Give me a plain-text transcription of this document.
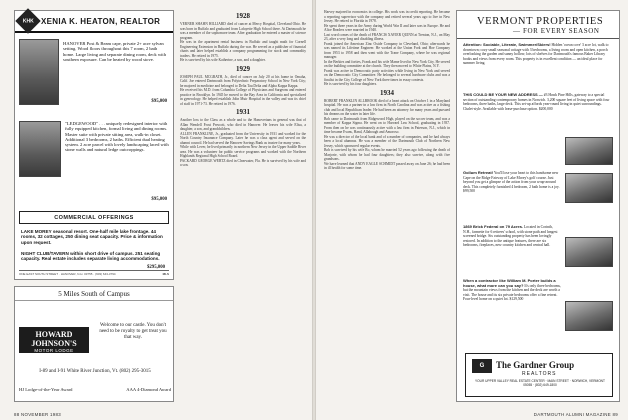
KHK XENIA K. HEATON, REALTOR
HANOVER Post & Beam cape, private 2+ acre sylvan setting. Wood floors throughout this 7 room, 2 bath home. Large living and separate dining room, deck with southern exposure. Can be heated by wood stove.
$95,000
"LEDGEWOOD" . . . uniquely redesigned interior with fully equipped kitchen, formal living and dining rooms. Master suite with private sitting area, walk-in closet. Additional 3 bedrooms, 2 baths. Efficient dual heating system. 2 acre parcel with lovely landscaping laced with stone walls and natural ledge outcroppings.
$95,000
COMMERCIAL OFFERINGS
LAKE MOREY seasonal resort. One-half mile lake frontage. 44 rooms, 32 cottages, 250 dining seat capacity. Price & information upon request.
NIGHT CLUB/TAVERN within short drive of campus. 251 seating capacity. Real estate includes separate living accommodations.
$295,000
ONE EAST SOUTH STREET · HANOVER, N.H. 03755 · (603) 643-3794	MLS
5 Miles South of Campus
HOWARD JOHNSON'S
MOTOR LODGE
Welcome to our castle. You don't need to be royalty to get treat you that way.
I-89 and I-91 White River Junction, Vt. (802) 295-3015
HJ Lodge-of-the-Year Award	AAA 4-Diamond Award
1928

VERNER SHAHN HILLIARD died of cancer at Mercy Hospital, Cleveland Ohio. He was born in Buffalo and graduated from Lafayette High School there. At Dartmouth he was a member of the sophomore team. After graduation he entered a master of science program.

He was in the apartment rental business in Buffalo and taught math for Cornell Engineering Extension in Buffalo during the war. He served as a publisher of financial charts and later helped establish a company programming for stock and commodity traders. He retired in 1975.

He is survived by his wife Katherine, a son, and a daughter.

1929

JOSEPH PAUL MCGRATH, Jr., died of cancer on July 20 at his home in Omaha, Calif. Joe entered Dartmouth from Polytechnic Preparatory School in New York City; he majored in medicine and belonged to Delta Tau Delta and Alpha Kappa Kappa.

He received his M.D. from Columbia College of Physicians and Surgeons and entered practice in Brooklyn. In 1945 he moved to the Bay Area in California and specialized in gynecology. He helped establish Jolin Muir Hospital in the valley and was its chief of staff in 1971-73. He retired in 1976.

1931

Another loss to the Class as a whole and to the Hanoverians in general was that of Allan Wendell Frost Prescott, who died in Hanover. He leaves his wife Elisa, a daughter, a son, and grandchildren.

ALLEN FRANKLINE, Jr., graduated from the University in 1931 and worked for the North Country Insurance Company. Later he was a class agent and served on the alumni council. He had served the Hanover Savings Bank as trustee for many years.

While with Lever, he lived primarily in northern New Jersey in the Upper Saddle River area. He was a volunteer for public service programs and worked with the Northern Highlands Regional High School Board.

PACKARD GEORGE WERTZ died in Clearwater, Fla. He is survived by his wife and a son.

88 NOVEMBER 1983

Harvey majored in economics in college. His work was in credit reporting. He became a reporting supervisor with the company and retired several years ago to live in New Jersey. He retired to Florida in 1978.

He spent three years in the Army during World War II and later was in Europe. He and Alice Beaders were married in 1940.

Last word comes of the death of FRANCIS XAVIER QUINN at Trenton, N.J., on May 23, after a very long and disabling illness.

Frank joined the American Zinc Oxide Company in Cleveland, Ohio; afterwards he was named its Lifetime Engineer. He worked at the Union Fork and Hoe Company from 1953 to 1958 and then went with the Trane Company, where he was regional manager.

In the Berkies and forties, Frank and his wife Mame lived in New York City. He served on the building committee at the church. They then moved to White Plains, N.Y.

Frank was active in Democratic party activities while living in New York and served on the Democratic City Committee. He belonged to several hardware clubs and was a finalist in the City College of New York three times in essay contests.

He is survived by his four daughters.

1934

ROBERT FRANKLIN ALLBROOK died of a heart attack on October 1 in a Maryland hospital. He was a partner in a law firm in North Carolina and was active as a fishing club and local Republican leader. He had been an attorney for many years and pursued his dreams on the water in later life.

Bob came to Dartmouth from Ridgewood High, played on the soccer team, and was a member of Kappa Sigma. He went on to Harvard Law School, graduating in 1937. From then on he was continuously active with a law firm in Paterson, N.J., which in time became Evans, Hand, Allabough and Amoroso.

He was a director of the local bank and of a number of companies, and he had always been a local alumnus. He was a member of the Dartmouth Club of Northern New Jersey, which sponsored regular events.

Bob is survived by his wife Ro, whom he married 52 years ago following the death of Marjorie, with whom he had four daughters; they also survive, along with five grandsons.

We have learned that ANDY EAGLE SCHMIDT passed away on June 26; he had been in ill health for some time.

VERMONT PROPERTIES
— FOR EVERY SEASON
Attention: Sociable, Literate, Swimmer/Skiers! Hidden 'ocean cove' 3 acre lot, walk to downtown; cozy small seasonal cottage with 3 bedrooms, a living room and open kitchen, a porch overlooking the garden and sunny hollow; lots of shelves for Dartmouth's famous Baker Library books and views from every room. This property is in excellent condition — an ideal place for summer living.
THIS COULD BE YOUR NEW ADDRESS — #3 Hawk Pine Hills, gateway to a special section of outstanding contemporary homes in Norwich. 3,200 square feet of living space with four bedrooms, three baths, large deck. This set-up affords year-round living in quiet surroundings. Chalet-style. Available with lease-purchase option. $200,000
Gollum Retreat! You'll lose your heart to this handsome new Cape on the Ridge Fairway of Lake Morey's golf course. Just beyond you get a glimpse of the action from your wrap-around deck. This completely furnished 4 bedroom, 2 bath home is a joy. $99,500
1869 Brick Federal on 79 Acres. Located in Corinth, N.H., farmette for 6 retirees' school, with stone path and longest screened bridge. Six outstanding property has been lovingly restored. In addition to the antique features, there are six bedrooms, fireplaces, new country kitchen and central hall.
When a contractor like William M. Porter builds a house, what more can you say? It's only three bedrooms, but the mountain views from the kitchen and the deck are worth a visit. The house and its six private bedrooms offer a fine retreat. Four-level home on a quiet lot. $129,500
G	The Gardner Group
REALTORS
YOUR UPPER VALLEY REAL ESTATE CENTER · MAIN STREET · NORWICH, VERMONT 05055 · (802) 649-1800
DARTMOUTH ALUMNI MAGAZINE 89
